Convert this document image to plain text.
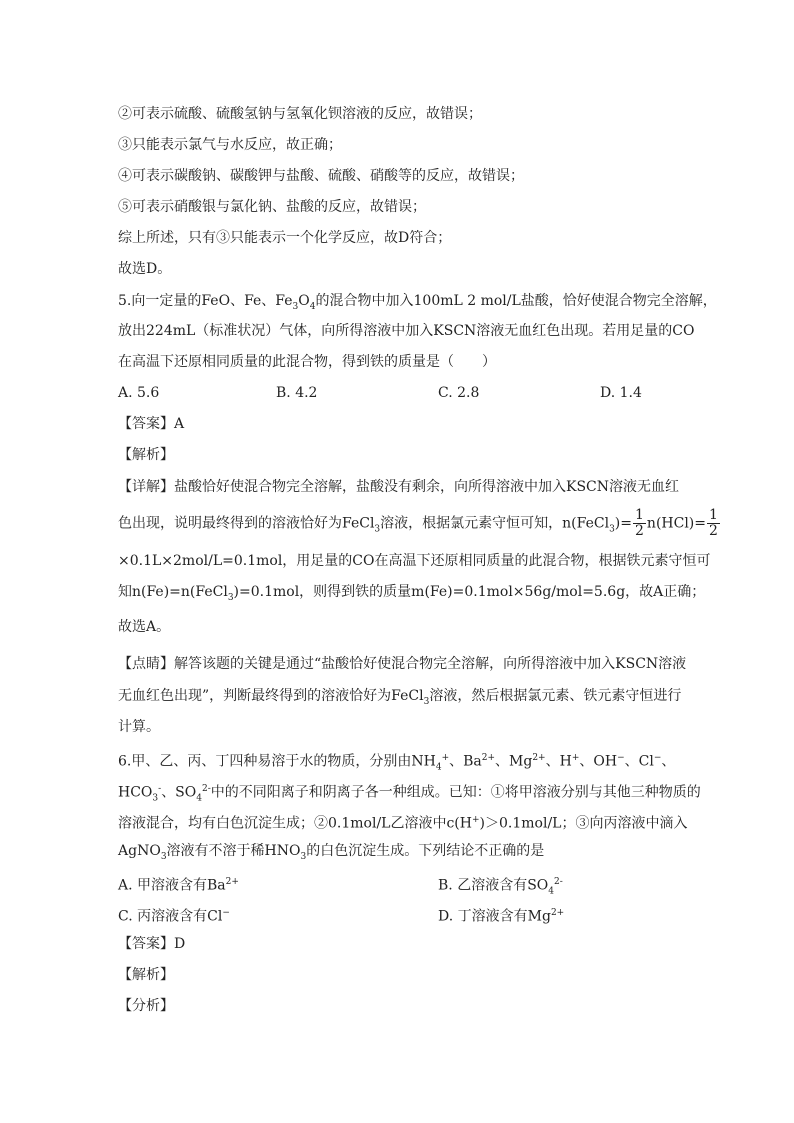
②可表示硫酸、硫酸氢钠与氢氧化钡溶液的反应，故错误；
③只能表示氯气与水反应，故正确；
④可表示碳酸钠、碳酸钾与盐酸、硫酸、硝酸等的反应，故错误；
⑤可表示硝酸银与氯化钠、盐酸的反应，故错误；
综上所述，只有③只能表示一个化学反应，故D符合；
故选D。
5.向一定量的FeO、Fe、$Fe_3O_4$的混合物中加入100mL 2 mol/L盐酸，恰好使混合物完全溶解，
放出224mL（标准状况）气体，向所得溶液中加入KSCN溶液无血红色出现。若用足量的CO
在高温下还原相同质量的此混合物，得到铁的质量是（　　）
A. 5.6	B. 4.2	C. 2.8	D. 1.4
【答案】A
【解析】
【详解】盐酸恰好使混合物完全溶解，盐酸没有剩余，向所得溶液中加入KSCN溶液无血红
色出现，说明最终得到的溶液恰好为FeCl$_3$溶液，根据氯元素守恒可知，n(FeCl$_3$)= $\frac{1}{2} n(HCl)= \frac{1}{2}$
×0.1L×2mol/L=0.1mol，用足量的CO在高温下还原相同质量的此混合物，根据铁元素守恒可
知n(Fe)=n(FeCl$_3$)=0.1mol，则得到铁的质量m(Fe)=0.1mol×56g/mol=5.6g，故A正确；
故选A。
【点睛】解答该题的关键是通过“盐酸恰好使混合物完全溶解，向所得溶液中加入KSCN溶液
无血红色出现”，判断最终得到的溶液恰好为FeCl$_3$溶液，然后根据氯元素、铁元素守恒进行
计算。
6.甲、乙、丙、丁四种易溶于水的物质，分别由$NH_4^+$、$Ba^{2+}$、$Mg^{2+}$、H+、OH−、Cl−、
$HCO_3^-$、$SO_4^{2-}$中的不同阳离子和阴离子各一种组成。已知：①将甲溶液分别与其他三种物质的
溶液混合，均有白色沉淀生成；②0.1mol/L乙溶液中c(H+)＞0.1mol/L；③向丙溶液中滴入
AgNO$_3$溶液有不溶于稀$HNO_3$的白色沉淀生成。下列结论不正确的是
A. 甲溶液含有$Ba^{2+}$	B. 乙溶液含有$SO_4^{2-}$
C. 丙溶液含有Cl−	D. 丁溶液含有$Mg^{2+}$
【答案】D
【解析】
【分析】
